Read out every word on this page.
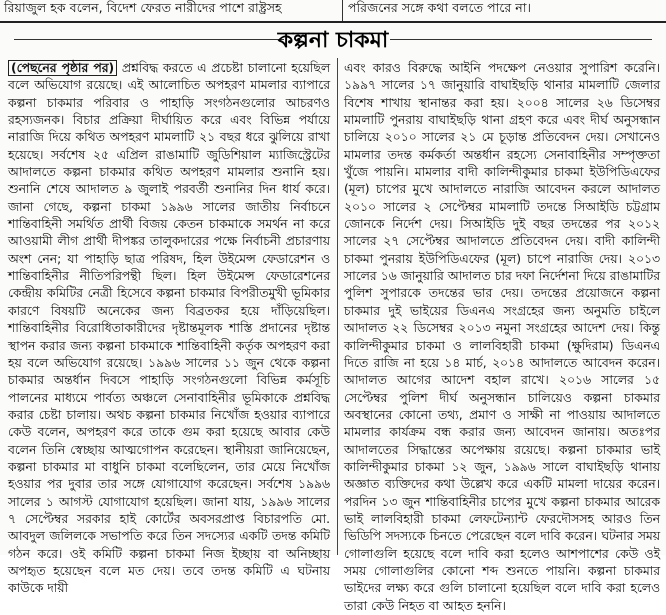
রিয়াজুল হক বলেন, বিদেশ ফেরত নারীদের পাশে রাষ্ট্রসহ	পরিজনের সঙ্গে কথা বলতে পারে না।
কল্পনা চাকমা

(পেছনের পৃষ্ঠার পর) প্রশ্নবিদ্ধ করতে এ প্রচেষ্টা চালানো হয়েছিল বলে অভিযোগ রয়েছে। এই আলোচিত অপহরণ মামলার ব্যাপারে কল্পনা চাকমার পরিবার ও পাহাড়ি সংগঠনগুলোর আচরণও রহস্যজনক। বিচার প্রক্রিয়া দীর্ঘায়িত করে এবং বিভিন্ন পর্যায়ে নারাজি দিয়ে কথিত অপহরণ মামলাটি ২১ বছর ধরে ঝুলিয়ে রাখা হয়েছে। সর্বশেষ ২৫ এপ্রিল রাঙামাটি জুডিশিয়াল ম্যাজিস্ট্রেটের আদালতে কল্পনা চাকমার কথিত অপহরণ মামলার শুনানি হয়। শুনানি শেষে আদালত ৯ জুলাই পরবর্তী শুনানির দিন ধার্য করে। জানা গেছে, কল্পনা চাকমা ১৯৯৬ সালের জাতীয় নির্বাচনে শান্তিবাহিনী সমর্থিত প্রার্থী বিজয় কেতন চাকমাকে সমর্থন না করে আওয়ামী লীগ প্রার্থী দীপঙ্কর তালুকদারের পক্ষে নির্বাচনী প্রচারণায় অংশ নেন; যা পাহাড়ি ছাত্র পরিষদ, হিল উইমেন্স ফেডারেশন ও শান্তিবাহিনীর নীতিপরিপন্থী ছিল। হিল উইমেন্স ফেডারেশনের কেন্দ্রীয় কমিটির নেত্রী হিসেবে কল্পনা চাকমার বিপরীতমুখী ভূমিকার কারণে বিষয়টি অনেকের জন্য বিব্রতকর হয়ে দাঁড়িয়েছিল। শান্তিবাহিনীর বিরোধিতাকারীদের দৃষ্টান্তমূলক শাস্তি প্রদানের দৃষ্টান্ত স্থাপন করার জন্য কল্পনা চাকমাকে শান্তিবাহিনী কর্তৃক অপহরণ করা হয় বলে অভিযোগ রয়েছে। ১৯৯৬ সালের ১১ জুন থেকে কল্পনা চাকমার অন্তর্ধান দিবসে পাহাড়ি সংগঠনগুলো বিভিন্ন কর্মসূচি পালনের মাধ্যমে পার্বত্য অঞ্চলে সেনাবাহিনীর ভূমিকাকে প্রশ্নবিদ্ধ করার চেষ্টা চালায়। অথচ কল্পনা চাকমার নিখোঁজ হওয়ার ব্যাপারে কেউ বলেন, অপহরণ করে তাকে গুম করা হয়েছে আবার কেউ বলেন তিনি স্বেচ্ছায় আত্মগোপন করেছেন। স্থানীয়রা জানিয়েছেন, কল্পনা চাকমার মা বাধুনি চাকমা বলেছিলেন, তার মেয়ে নিখোঁজ হওয়ার পর দুবার তার সঙ্গে যোগাযোগ করেছেন। সর্বশেষ ১৯৯৬ সালের ১ আগস্ট যোগাযোগ হয়েছিল। জানা যায়, ১৯৯৬ সালের ৭ সেপ্টেম্বর সরকার হাই কোর্টের অবসরপ্রাপ্ত বিচারপতি মো. আবদুল জলিলকে সভাপতি করে তিন সদস্যের একটি তদন্ত কমিটি গঠন করে। ওই কমিটি কল্পনা চাকমা নিজ ইচ্ছায় বা অনিচ্ছায় অপহৃত হয়েছেন বলে মত দেয়। তবে তদন্ত কমিটি এ ঘটনায় কাউকে দায়ী

এবং কারও বিরুদ্ধে আইনি পদক্ষেপ নেওয়ার সুপারিশ করেনি। ১৯৯৭ সালের ১৭ জানুয়ারি বাঘাইছড়ি থানার মামলাটি জেলার বিশেষ শাখায় স্থানান্তর করা হয়। ২০০৪ সালের ২৬ ডিসেম্বর মামলাটি পুনরায় বাঘাইছড়ি থানা গ্রহণ করে এবং দীর্ঘ অনুসন্ধান চালিয়ে ২০১০ সালের ২১ মে চূড়ান্ত প্রতিবেদন দেয়। সেখানেও মামলার তদন্ত কর্মকর্তা অন্তর্ধান রহস্যে সেনাবাহিনীর সম্পৃক্ততা খুঁজে পায়নি। মামলার বাদী কালিন্দীকুমার চাকমা ইউপিডিএফের (মূল) চাপের মুখে আদালতে নারাজি আবেদন করলে আদালত ২০১০ সালের ২ সেপ্টেম্বর মামলাটি তদন্তে সিআইডি চট্টগ্রাম জোনকে নির্দেশ দেয়। সিআইডি দুই বছর তদন্তের পর ২০১২ সালের ২৭ সেপ্টেম্বর আদালতে প্রতিবেদন দেয়। বাদী কালিন্দী চাকমা পুনরায় ইউপিডিএফের (মূল) চাপে নারাজি দেয়। ২০১৩ সালের ১৬ জানুয়ারি আদালত চার দফা নির্দেশনা দিয়ে রাঙামাটির পুলিশ সুপারকে তদন্তের ভার দেয়। তদন্তের প্রয়োজনে কল্পনা চাকমার দুই ভাইয়ের ডিএনএ সংগ্রহের জন্য অনুমতি চাইলে আদালত ২২ ডিসেম্বর ২০১৩ নমুনা সংগ্রহের আদেশ দেয়। কিন্তু কালিন্দীকুমার চাকমা ও লালবিহারী চাকমা (ক্ষুদিরাম) ডিএনএ দিতে রাজি না হয়ে ১৪ মার্চ, ২০১৪ আদালতে আবেদন করেন। আদালত আগের আদেশ বহাল রাখে। ২০১৬ সালের ১৫ সেপ্টেম্বর পুলিশ দীর্ঘ অনুসন্ধান চালিয়েও কল্পনা চাকমার অবস্থানের কোনো তথ্য, প্রমাণ ও সাক্ষী না পাওয়ায় আদালতে মামলার কার্যক্রম বন্ধ করার জন্য আবেদন জানায়। অতঃপর আদালতের সিদ্ধান্তের অপেক্ষায় রয়েছে। কল্পনা চাকমার ভাই কালিন্দীকুমার চাকমা ১২ জুন, ১৯৯৬ সালে বাঘাইছড়ি থানায় অজ্ঞাত ব্যক্তিদের কথা উল্লেখ করে একটি মামলা দায়ের করেন। পরদিন ১৩ জুন শান্তিবাহিনীর চাপের মুখে কল্পনা চাকমার আরেক ভাই লালবিহারী চাকমা লেফটেন্যান্ট ফেরদৌসসহ আরও তিন ভিডিপি সদস্যকে চিনতে পেরেছেন বলে দাবি করেন। ঘটনার সময় গোলাগুলি হয়েছে বলে দাবি করা হলেও আশপাশের কেউ ওই সময় গোলাগুলির কোনো শব্দ শুনতে পায়নি। কল্পনা চাকমার ভাইদের লক্ষ্য করে গুলি চালানো হয়েছিল বলে দাবি করা হলেও তারা কেউ নিহত বা আহত হননি।
